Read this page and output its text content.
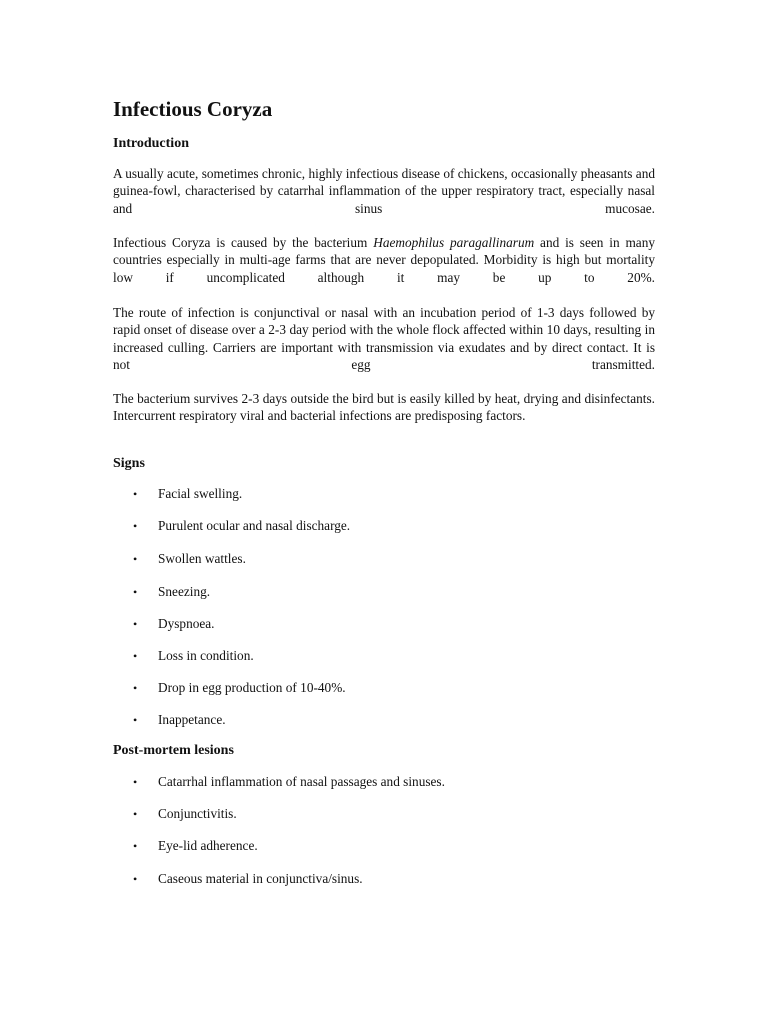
Infectious Coryza
Introduction

A usually acute, sometimes chronic, highly infectious disease of chickens, occasionally pheasants and guinea-fowl, characterised by catarrhal inflammation of the upper respiratory tract, especially nasal and sinus mucosae.

Infectious Coryza is caused by the bacterium Haemophilus paragallinarum and is seen in many countries especially in multi-age farms that are never depopulated. Morbidity is high but mortality low if uncomplicated although it may be up to 20%.

The route of infection is conjunctival or nasal with an incubation period of 1-3 days followed by rapid onset of disease over a 2-3 day period with the whole flock affected within 10 days, resulting in increased culling. Carriers are important with transmission via exudates and by direct contact. It is not egg transmitted.

The bacterium survives 2-3 days outside the bird but is easily killed by heat, drying and disinfectants. Intercurrent respiratory viral and bacterial infections are predisposing factors.

Signs
• Facial swelling.
• Purulent ocular and nasal discharge.
• Swollen wattles.
• Sneezing.
• Dyspnoea.
• Loss in condition.
• Drop in egg production of 10-40%.
• Inappetance.
Post-mortem lesions
• Catarrhal inflammation of nasal passages and sinuses.
• Conjunctivitis.
• Eye-lid adherence.
• Caseous material in conjunctiva/sinus.
